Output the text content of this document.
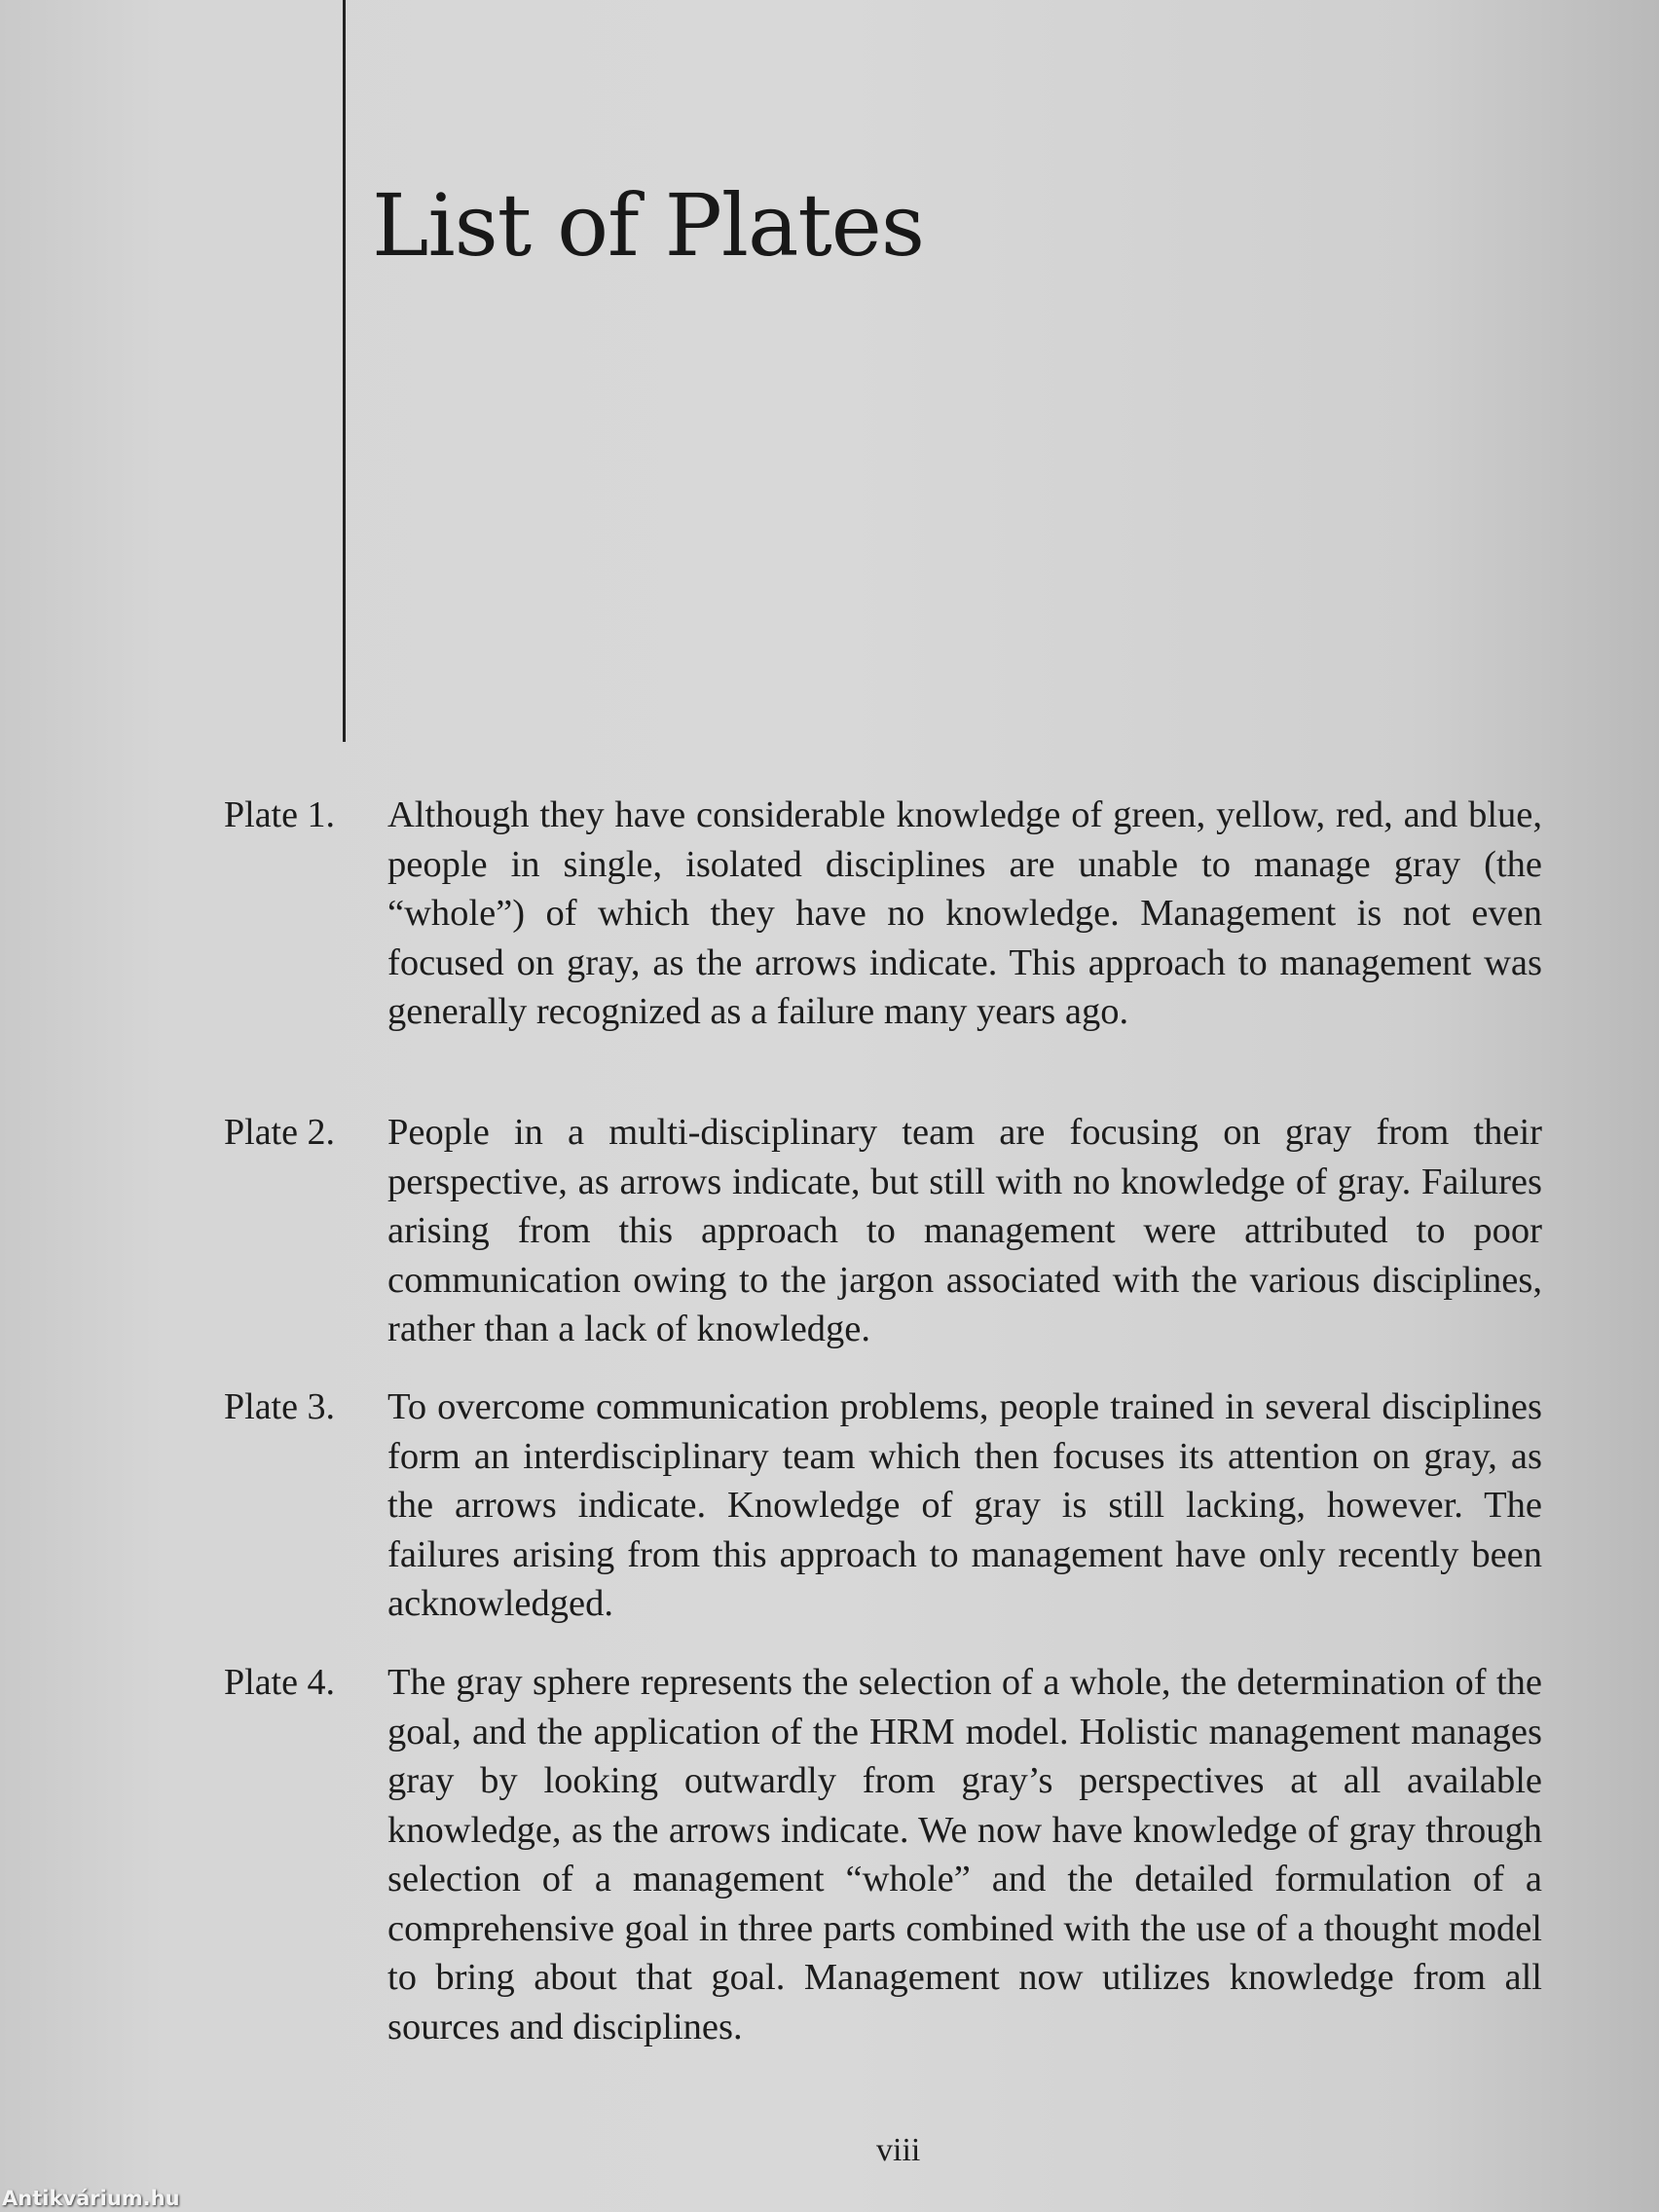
List of Plates
Plate 1. Although they have considerable knowledge of green, yellow, red, and blue, people in single, isolated disciplines are unable to manage gray (the “whole”) of which they have no knowledge. Management is not even focused on gray, as the arrows indicate. This approach to management was generally recognized as a failure many years ago.
Plate 2. People in a multi-disciplinary team are focusing on gray from their perspective, as arrows indicate, but still with no knowledge of gray. Failures arising from this approach to management were attributed to poor communication owing to the jargon associated with the various disciplines, rather than a lack of knowledge.
Plate 3. To overcome communication problems, people trained in several disciplines form an interdisciplinary team which then focuses its attention on gray, as the arrows indicate. Knowledge of gray is still lacking, however. The failures arising from this approach to management have only recently been acknowledged.
Plate 4. The gray sphere represents the selection of a whole, the determination of the goal, and the application of the HRM model. Holistic management manages gray by looking outwardly from gray’s perspectives at all available knowledge, as the arrows indicate. We now have knowledge of gray through selection of a management “whole” and the detailed formulation of a comprehensive goal in three parts combined with the use of a thought model to bring about that goal. Management now utilizes knowledge from all sources and disciplines.
viii
Antikvárium.hu
